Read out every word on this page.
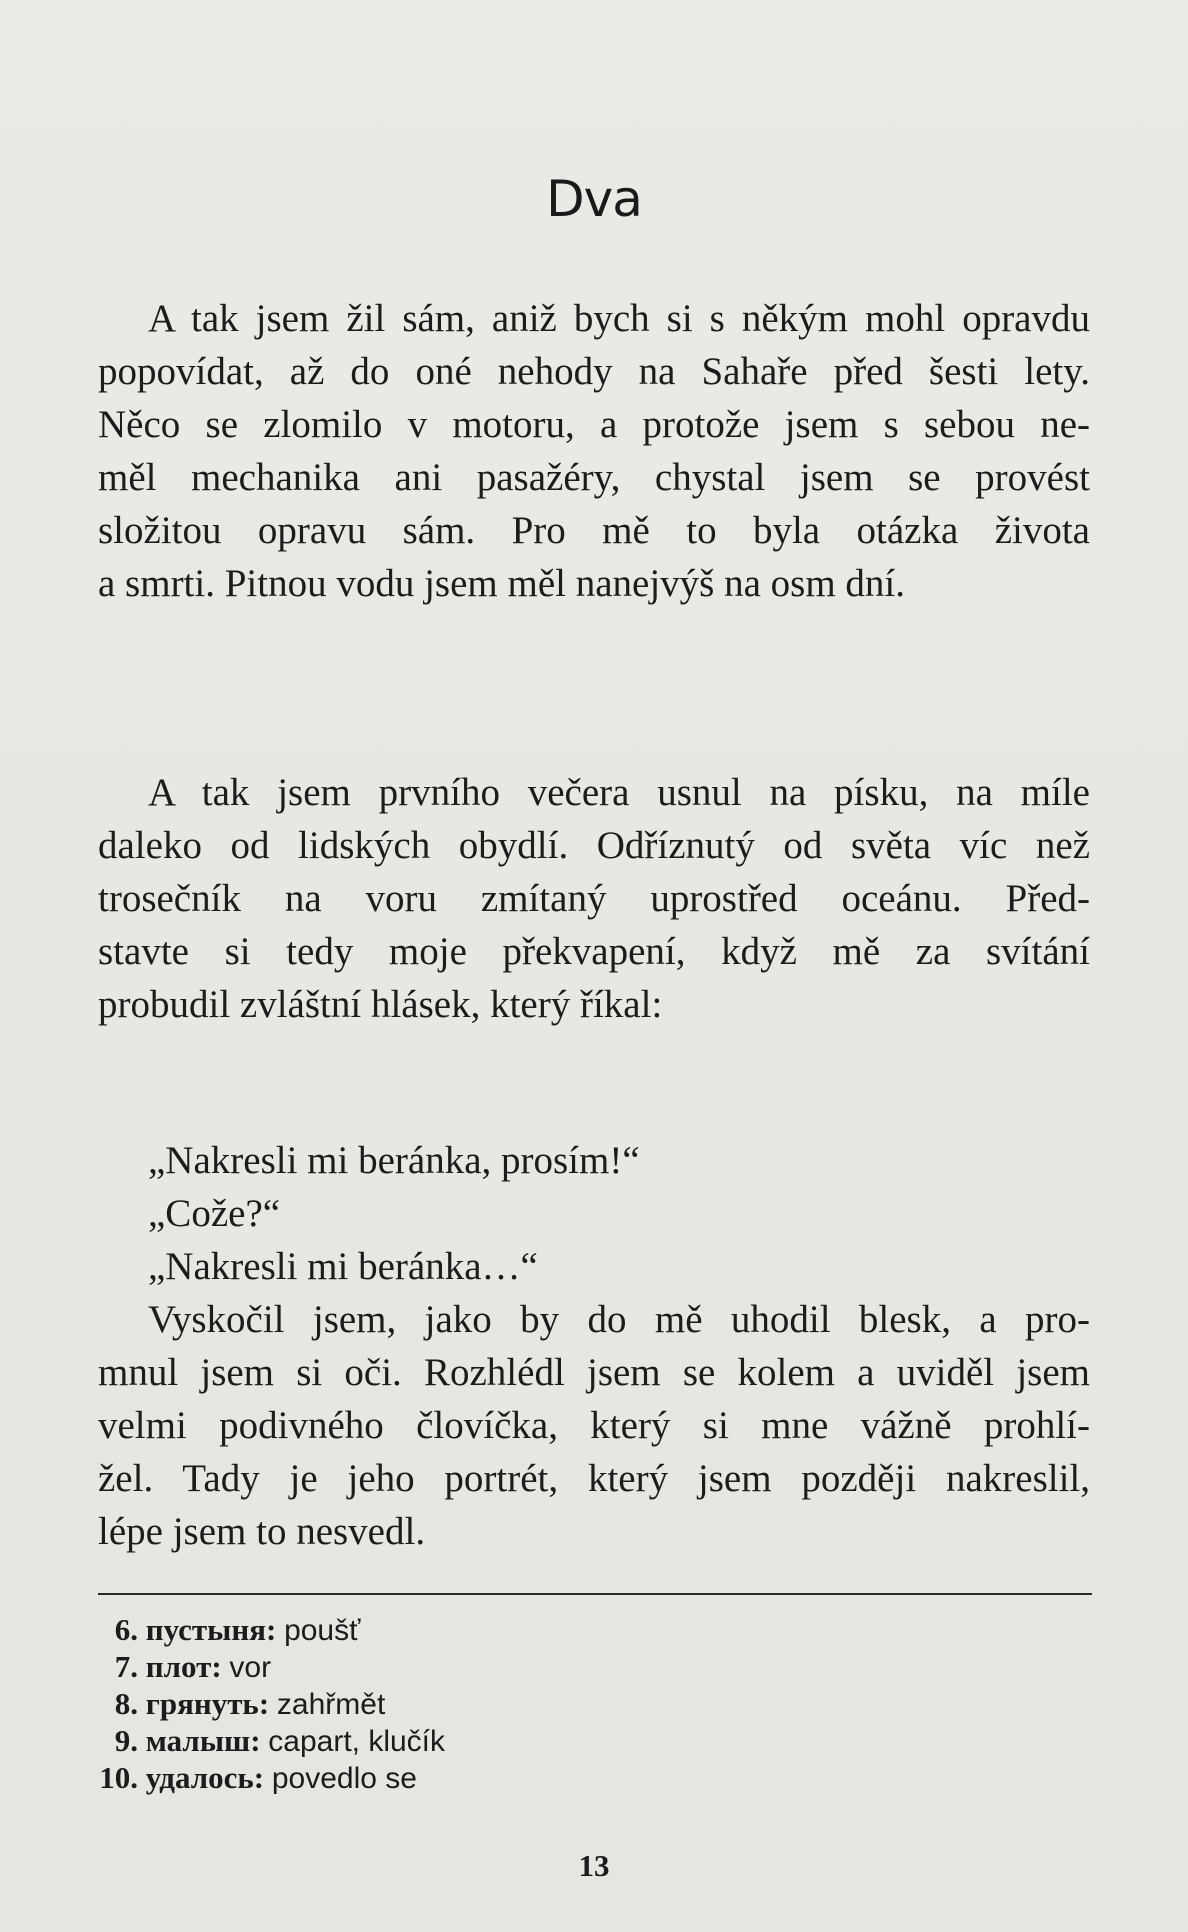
Dva
A tak jsem žil sám, aniž bych si s někým mohl opravdu
popovídat, až do oné nehody na Sahaře před šesti lety.
Něco se zlomilo v motoru, a protože jsem s sebou ne-
měl mechanika ani pasažéry, chystal jsem se provést
složitou opravu sám. Pro mě to byla otázka života
a smrti. Pitnou vodu jsem měl nanejvýš na osm dní.
A tak jsem prvního večera usnul na písku, na míle
daleko od lidských obydlí. Odříznutý od světa víc než
trosečník na voru zmítaný uprostřed oceánu. Před-
stavte si tedy moje překvapení, když mě za svítání
probudil zvláštní hlásek, který říkal:
„Nakresli mi beránka, prosím!“
„Cože?“
„Nakresli mi beránka…“
Vyskočil jsem, jako by do mě uhodil blesk, a pro-
mnul jsem si oči. Rozhlédl jsem se kolem a uviděl jsem
velmi podivného človíčka, který si mne vážně prohlí-
žel. Tady je jeho portrét, který jsem později nakreslil,
lépe jsem to nesvedl.
6. пустыня: poušť
7. плот: vor
8. грянуть: zahřmět
9. малыш: capart, klučík
10. удалось: povedlo se
13
